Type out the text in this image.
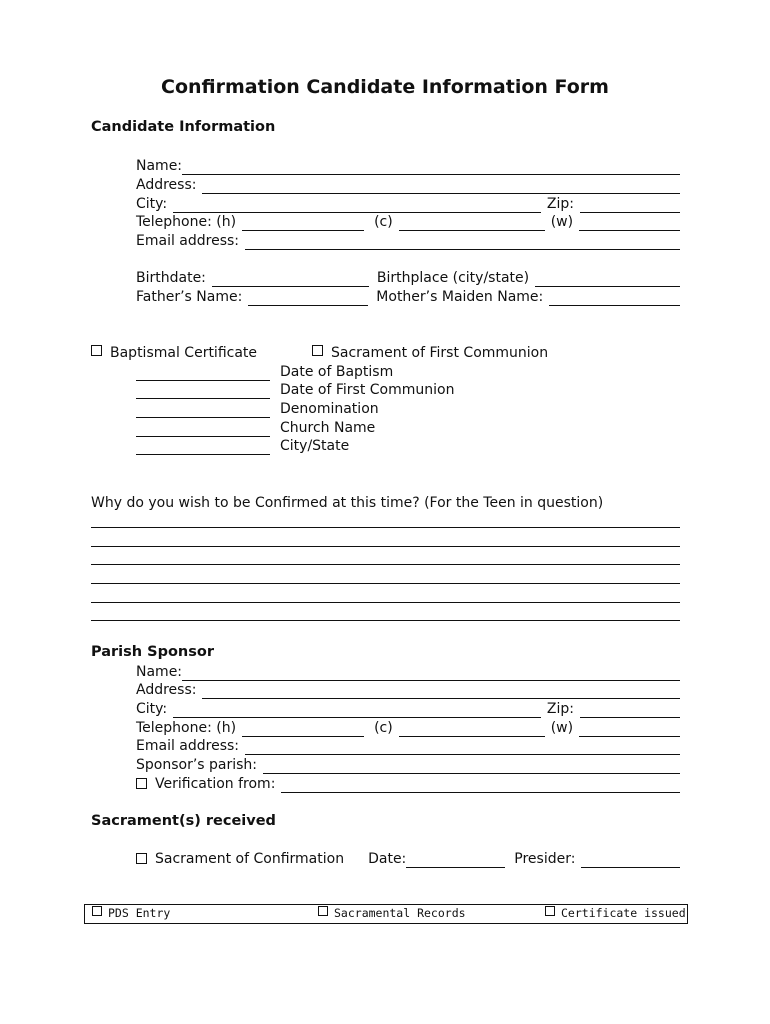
Confirmation Candidate Information Form
Candidate Information
Name:
Address:
City:	Zip:
Telephone: (h)	(c)	(w)
Email address:
Birthdate:	Birthplace (city/state)
Father’s Name:	Mother’s Maiden Name:
Baptismal Certificate	Sacrament of First Communion
Date of Baptism
Date of First Communion
Denomination
Church Name
City/State
Why do you wish to be Confirmed at this time? (For the Teen in question)
Parish Sponsor
Name:
Address:
City:	Zip:
Telephone: (h)	(c)	(w)
Email address:
Sponsor’s parish:
Verification from:
Sacrament(s) received
Sacrament of Confirmation Date:	Presider:
PDS Entry	Sacramental Records	Certificate issued
